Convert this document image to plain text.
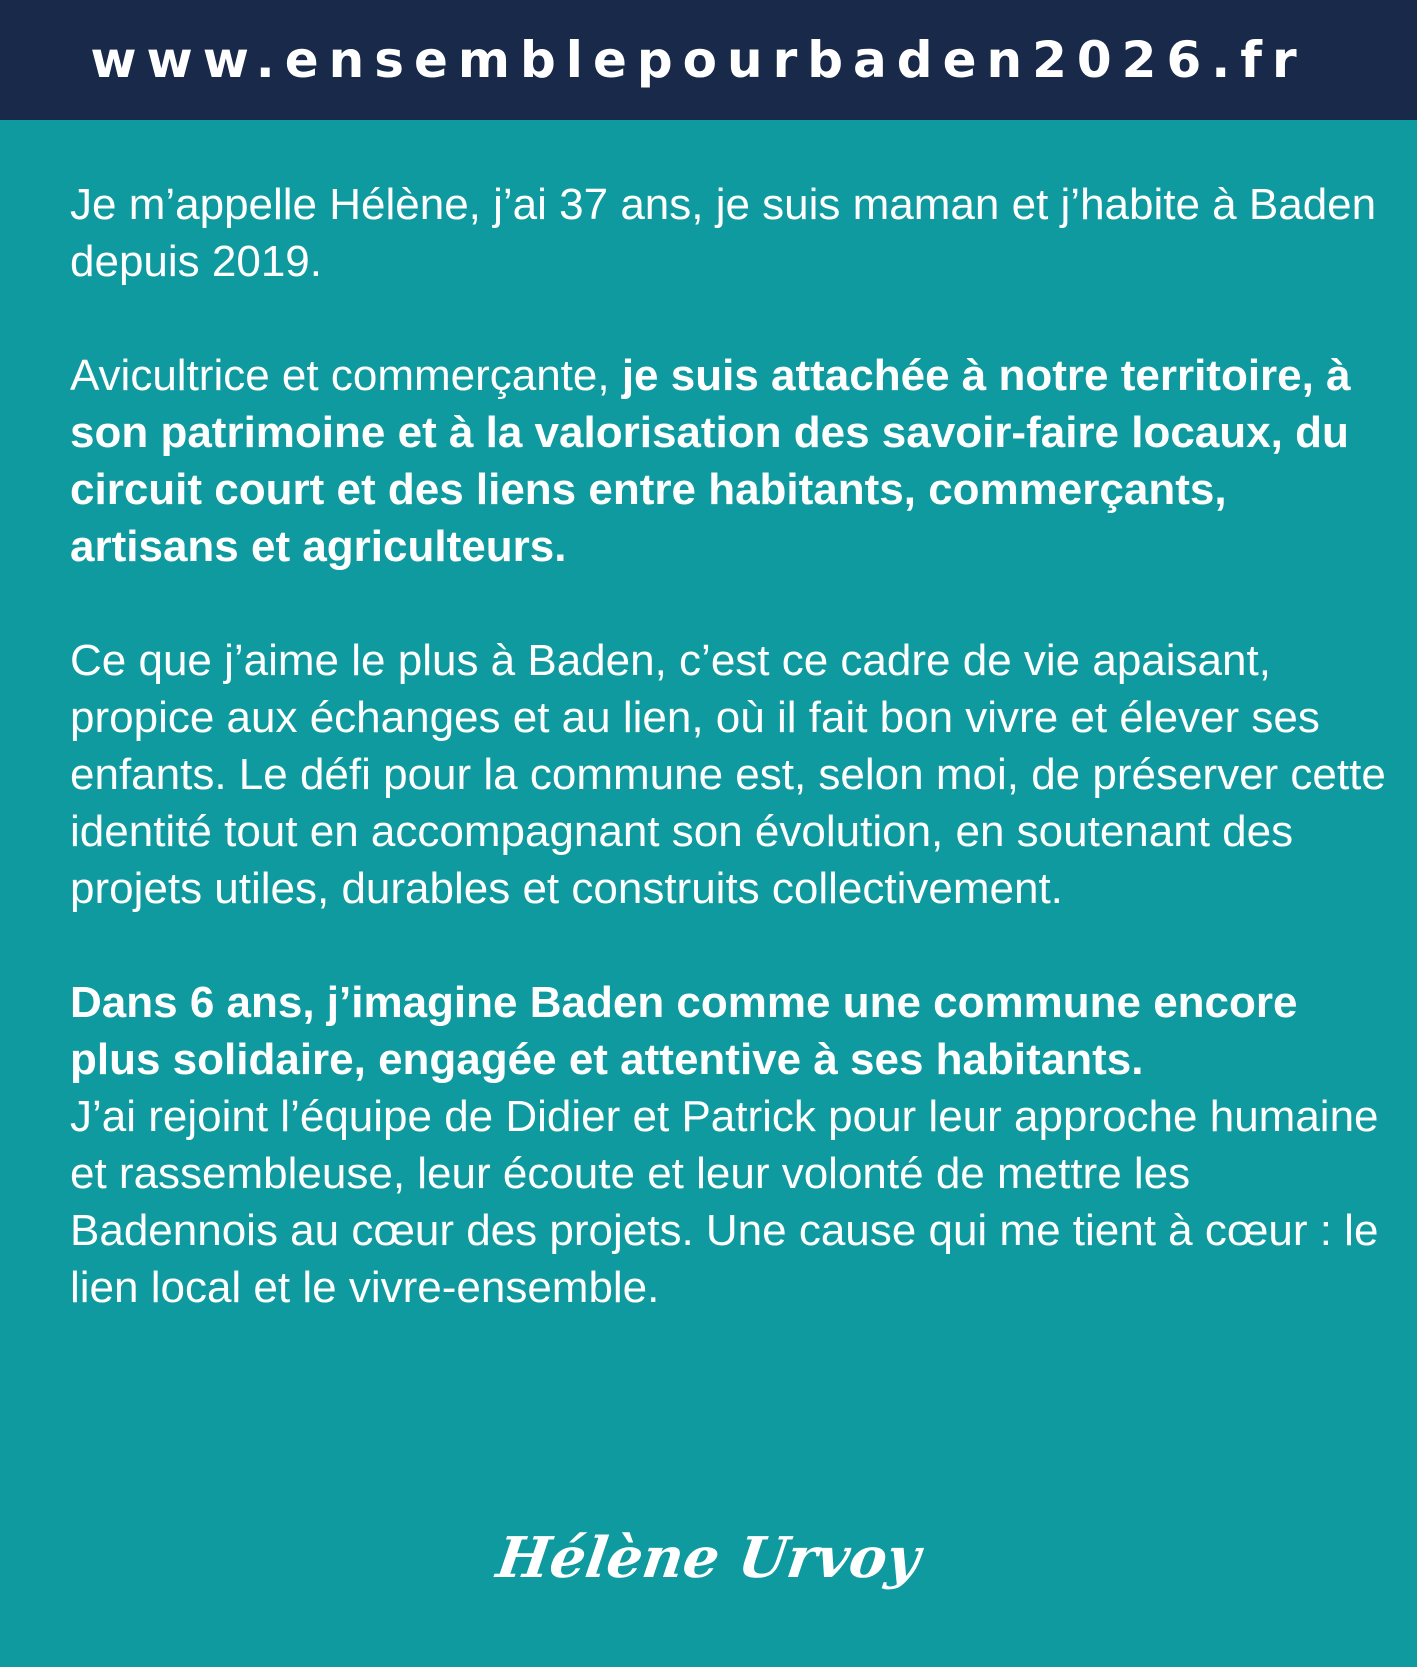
www.ensemblepourbaden2026.fr

Je m’appelle Hélène, j’ai 37 ans, je suis maman et j’habite à Baden depuis 2019.

Avicultrice et commerçante, je suis attachée à notre territoire, à son patrimoine et à la valorisation des savoir-faire locaux, du circuit court et des liens entre habitants, commerçants, artisans et agriculteurs.

Ce que j’aime le plus à Baden, c’est ce cadre de vie apaisant, propice aux échanges et au lien, où il fait bon vivre et élever ses enfants. Le défi pour la commune est, selon moi, de préserver cette identité tout en accompagnant son évolution, en soutenant des projets utiles, durables et construits collectivement.

Dans 6 ans, j’imagine Baden comme une commune encore plus solidaire, engagée et attentive à ses habitants.

J’ai rejoint l’équipe de Didier et Patrick pour leur approche humaine et rassembleuse, leur écoute et leur volonté de mettre les Badennois au cœur des projets. Une cause qui me tient à cœur : le lien local et le vivre-ensemble.

Hélène Urvoy
